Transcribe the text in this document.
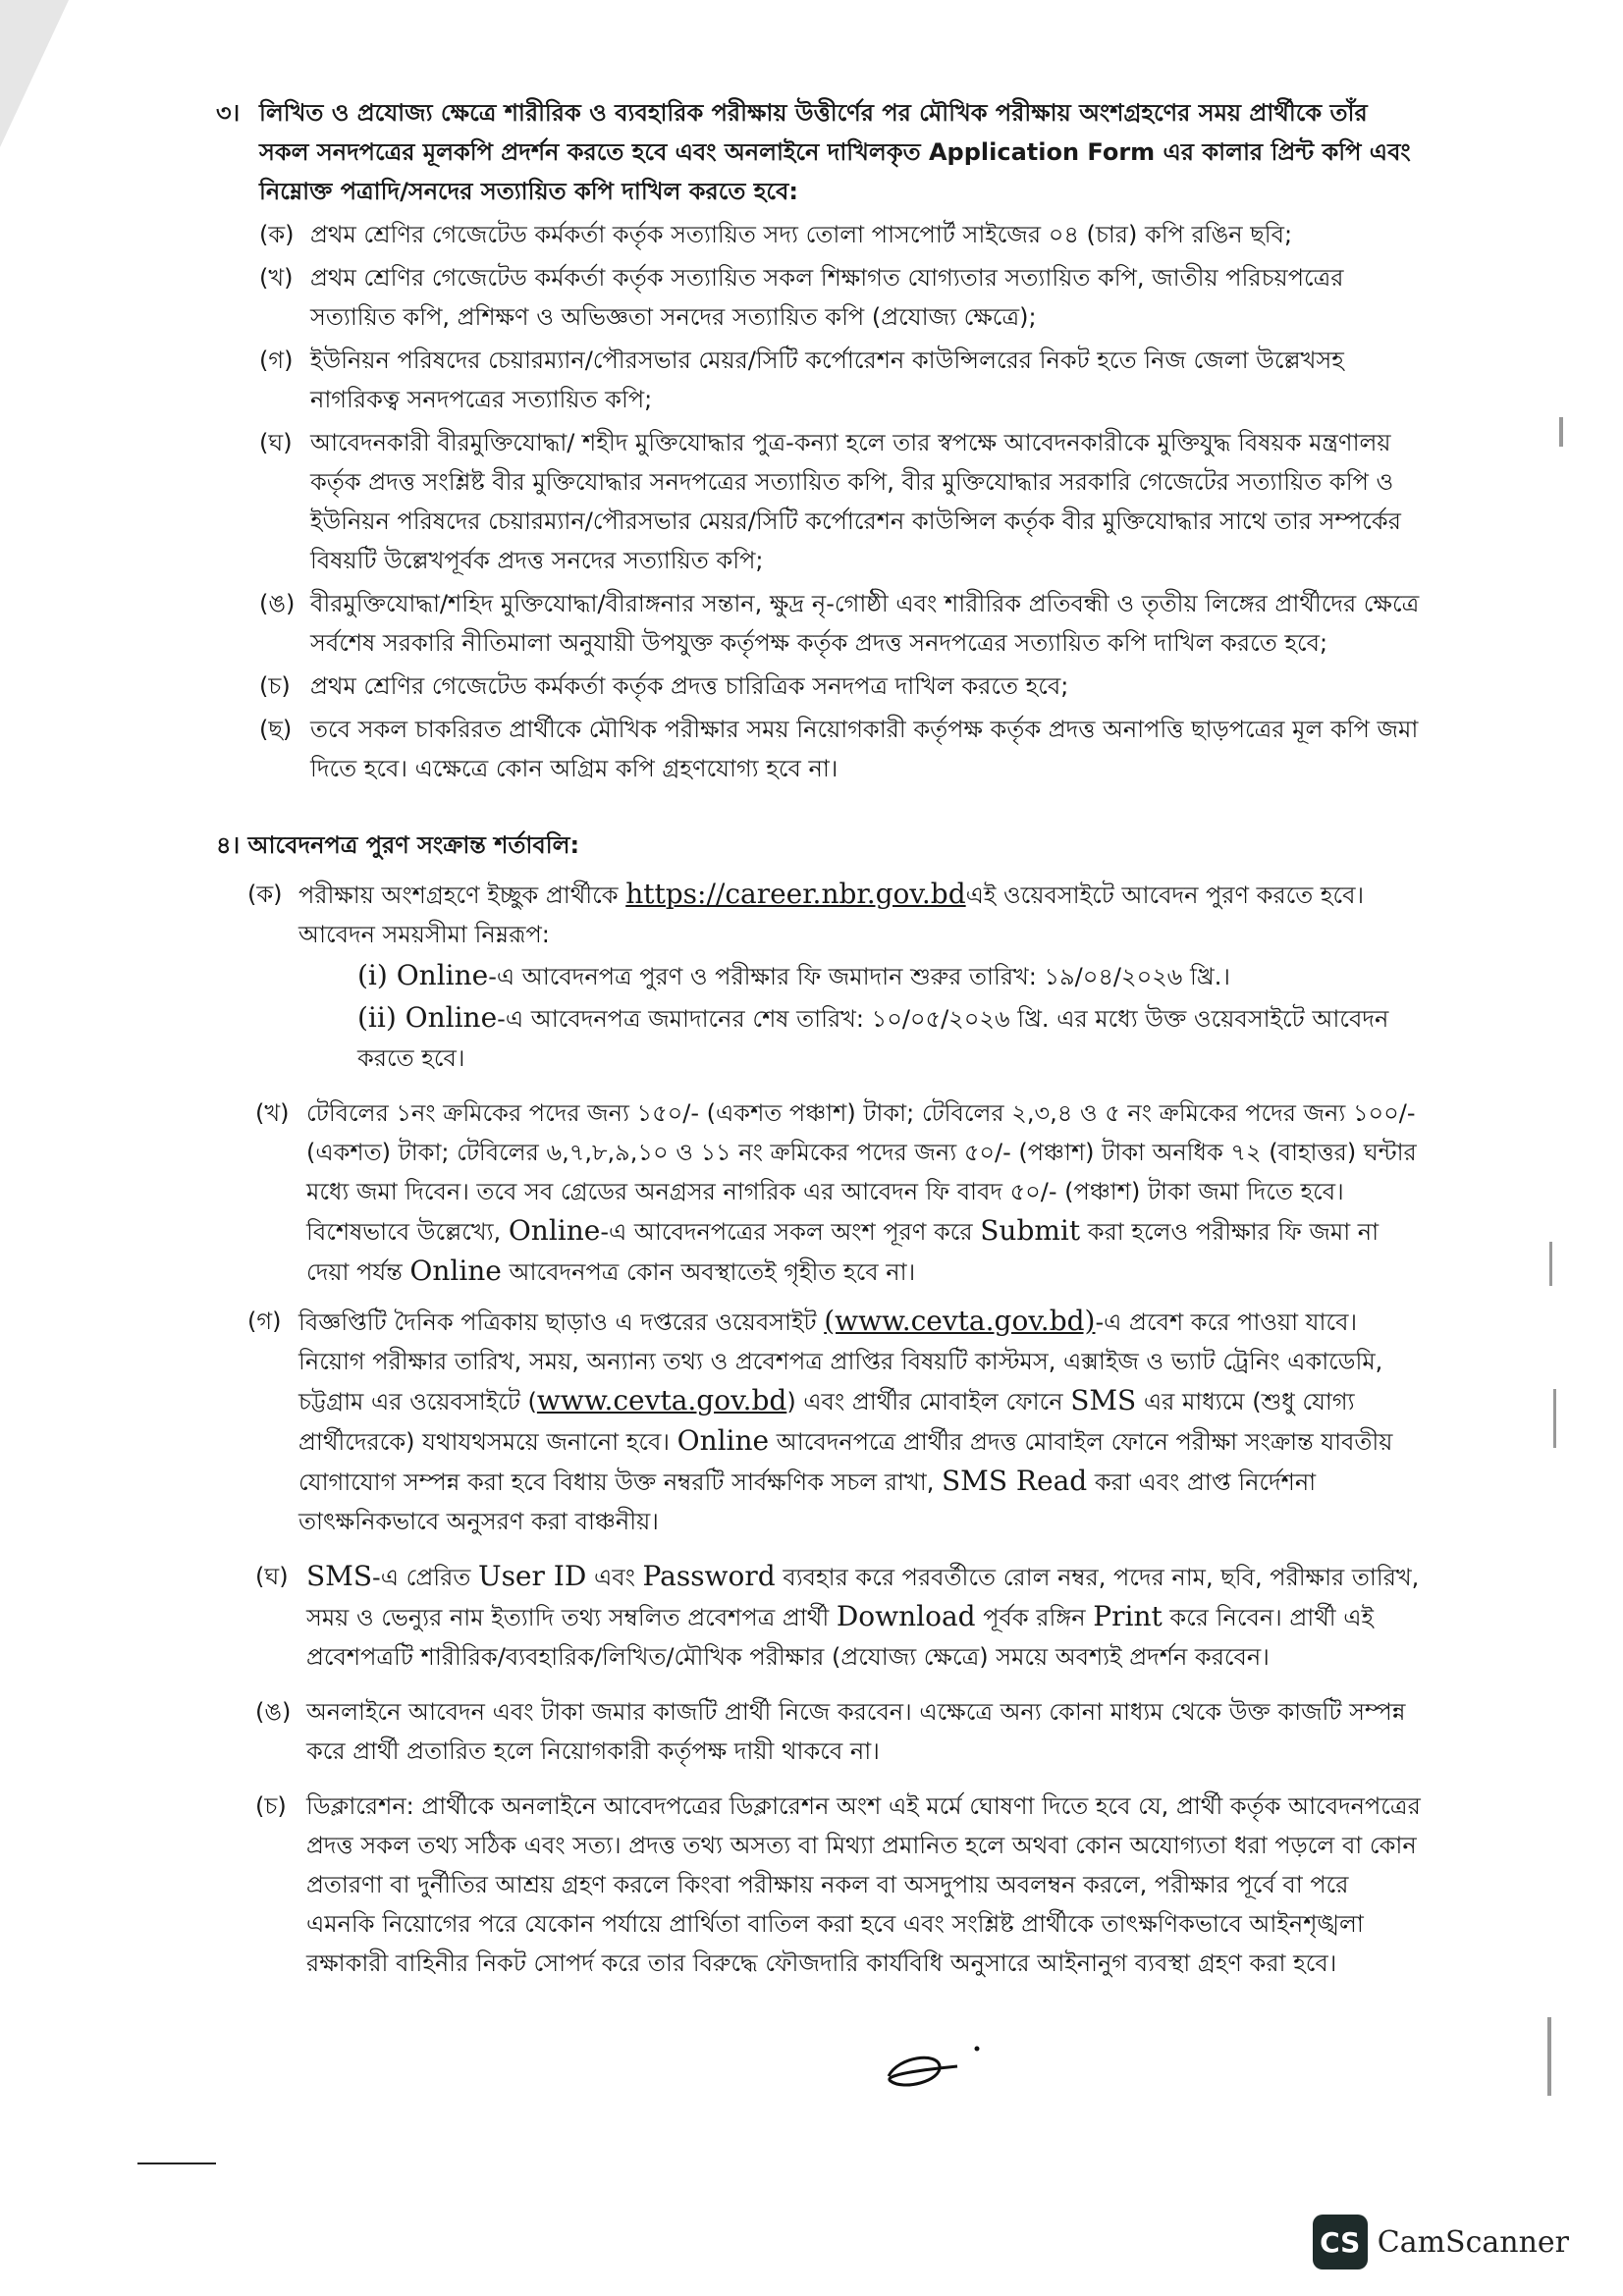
৩। লিখিত ও প্রযোজ্য ক্ষেত্রে শারীরিক ও ব্যবহারিক পরীক্ষায় উত্তীর্ণের পর মৌখিক পরীক্ষায় অংশগ্রহণের সময় প্রার্থীকে তাঁর সকল সনদপত্রের মূলকপি প্রদর্শন করতে হবে এবং অনলাইনে দাখিলকৃত Application Form এর কালার প্রিন্ট কপি এবং নিম্নোক্ত পত্রাদি/সনদের সত্যায়িত কপি দাখিল করতে হবে:

(ক) প্রথম শ্রেণির গেজেটেড কর্মকর্তা কর্তৃক সত্যায়িত সদ্য তোলা পাসপোর্ট সাইজের ০৪ (চার) কপি রঙিন ছবি;

(খ) প্রথম শ্রেণির গেজেটেড কর্মকর্তা কর্তৃক সত্যায়িত সকল শিক্ষাগত যোগ্যতার সত্যায়িত কপি, জাতীয় পরিচয়পত্রের সত্যায়িত কপি, প্রশিক্ষণ ও অভিজ্ঞতা সনদের সত্যায়িত কপি (প্রযোজ্য ক্ষেত্রে);

(গ) ইউনিয়ন পরিষদের চেয়ারম্যান/পৌরসভার মেয়র/সিটি কর্পোরেশন কাউন্সিলরের নিকট হতে নিজ জেলা উল্লেখসহ নাগরিকত্ব সনদপত্রের সত্যায়িত কপি;

(ঘ) আবেদনকারী বীরমুক্তিযোদ্ধা/ শহীদ মুক্তিযোদ্ধার পুত্র-কন্যা হলে তার স্বপক্ষে আবেদনকারীকে মুক্তিযুদ্ধ বিষয়ক মন্ত্রণালয় কর্তৃক প্রদত্ত সংশ্লিষ্ট বীর মুক্তিযোদ্ধার সনদপত্রের সত্যায়িত কপি, বীর মুক্তিযোদ্ধার সরকারি গেজেটের সত্যায়িত কপি ও ইউনিয়ন পরিষদের চেয়ারম্যান/পৌরসভার মেয়র/সিটি কর্পোরেশন কাউন্সিল কর্তৃক বীর মুক্তিযোদ্ধার সাথে তার সম্পর্কের বিষয়টি উল্লেখপূর্বক প্রদত্ত সনদের সত্যায়িত কপি;

(ঙ) বীরমুক্তিযোদ্ধা/শহিদ মুক্তিযোদ্ধা/বীরাঙ্গনার সন্তান, ক্ষুদ্র নৃ-গোষ্ঠী এবং শারীরিক প্রতিবন্ধী ও তৃতীয় লিঙ্গের প্রার্থীদের ক্ষেত্রে সর্বশেষ সরকারি নীতিমালা অনুযায়ী উপযুক্ত কর্তৃপক্ষ কর্তৃক প্রদত্ত সনদপত্রের সত্যায়িত কপি দাখিল করতে হবে;

(চ) প্রথম শ্রেণির গেজেটেড কর্মকর্তা কর্তৃক প্রদত্ত চারিত্রিক সনদপত্র দাখিল করতে হবে;

(ছ) তবে সকল চাকরিরত প্রার্থীকে মৌখিক পরীক্ষার সময় নিয়োগকারী কর্তৃপক্ষ কর্তৃক প্রদত্ত অনাপত্তি ছাড়পত্রের মূল কপি জমা দিতে হবে। এক্ষেত্রে কোন অগ্রিম কপি গ্রহণযোগ্য হবে না।

৪। আবেদনপত্র পুরণ সংক্রান্ত শর্তাবলি:

(ক) পরীক্ষায় অংশগ্রহণে ইচ্ছুক প্রার্থীকে https://career.nbr.gov.bdএই ওয়েবসাইটে আবেদন পুরণ করতে হবে। আবেদন সময়সীমা নিম্নরূপ:

(i) Online-এ আবেদনপত্র পুরণ ও পরীক্ষার ফি জমাদান শুরুর তারিখ: ১৯/০৪/২০২৬ খ্রি.।

(ii) Online-এ আবেদনপত্র জমাদানের শেষ তারিখ: ১০/০৫/২০২৬ খ্রি. এর মধ্যে উক্ত ওয়েবসাইটে আবেদন করতে হবে।

(খ) টেবিলের ১নং ক্রমিকের পদের জন্য ১৫০/- (একশত পঞ্চাশ) টাকা; টেবিলের ২,৩,৪ ও ৫ নং ক্রমিকের পদের জন্য ১০০/- (একশত) টাকা; টেবিলের ৬,৭,৮,৯,১০ ও ১১ নং ক্রমিকের পদের জন্য ৫০/- (পঞ্চাশ) টাকা অনধিক ৭২ (বাহাত্তর) ঘন্টার মধ্যে জমা দিবেন। তবে সব গ্রেডের অনগ্রসর নাগরিক এর আবেদন ফি বাবদ ৫০/- (পঞ্চাশ) টাকা জমা দিতে হবে। বিশেষভাবে উল্লেখ্যে, Online-এ আবেদনপত্রের সকল অংশ পূরণ করে Submit করা হলেও পরীক্ষার ফি জমা না দেয়া পর্যন্ত Online আবেদনপত্র কোন অবস্থাতেই গৃহীত হবে না।

(গ) বিজ্ঞপ্তিটি দৈনিক পত্রিকায় ছাড়াও এ দপ্তরের ওয়েবসাইট (www.cevta.gov.bd)-এ প্রবেশ করে পাওয়া যাবে। নিয়োগ পরীক্ষার তারিখ, সময়, অন্যান্য তথ্য ও প্রবেশপত্র প্রাপ্তির বিষয়টি কাস্টমস, এক্সাইজ ও ভ্যাট ট্রেনিং একাডেমি, চট্টগ্রাম এর ওয়েবসাইটে (www.cevta.gov.bd) এবং প্রার্থীর মোবাইল ফোনে SMS এর মাধ্যমে (শুধু যোগ্য প্রার্থীদেরকে) যথাযথসময়ে জনানো হবে। Online আবেদনপত্রে প্রার্থীর প্রদত্ত মোবাইল ফোনে পরীক্ষা সংক্রান্ত যাবতীয় যোগাযোগ সম্পন্ন করা হবে বিধায় উক্ত নম্বরটি সার্বক্ষণিক সচল রাখা, SMS Read করা এবং প্রাপ্ত নির্দেশনা তাৎক্ষনিকভাবে অনুসরণ করা বাঞ্চনীয়।

(ঘ) SMS-এ প্রেরিত User ID এবং Password ব্যবহার করে পরবর্তীতে রোল নম্বর, পদের নাম, ছবি, পরীক্ষার তারিখ, সময় ও ভেন্যুর নাম ইত্যাদি তথ্য সম্বলিত প্রবেশপত্র প্রার্থী Download পূর্বক রঙ্গিন Print করে নিবেন। প্রার্থী এই প্রবেশপত্রটি শারীরিক/ব্যবহারিক/লিখিত/মৌখিক পরীক্ষার (প্রযোজ্য ক্ষেত্রে) সময়ে অবশ্যই প্রদর্শন করবেন।

(ঙ) অনলাইনে আবেদন এবং টাকা জমার কাজটি প্রার্থী নিজে করবেন। এক্ষেত্রে অন্য কোনা মাধ্যম থেকে উক্ত কাজটি সম্পন্ন করে প্রার্থী প্রতারিত হলে নিয়োগকারী কর্তৃপক্ষ দায়ী থাকবে না।

(চ) ডিক্লারেশন: প্রার্থীকে অনলাইনে আবেদপত্রের ডিক্লারেশন অংশ এই মর্মে ঘোষণা দিতে হবে যে, প্রার্থী কর্তৃক আবেদনপত্রের প্রদত্ত সকল তথ্য সঠিক এবং সত্য। প্রদত্ত তথ্য অসত্য বা মিথ্যা প্রমানিত হলে অথবা কোন অযোগ্যতা ধরা পড়লে বা কোন প্রতারণা বা দুর্নীতির আশ্রয় গ্রহণ করলে কিংবা পরীক্ষায় নকল বা অসদুপায় অবলম্বন করলে, পরীক্ষার পূর্বে বা পরে এমনকি নিয়োগের পরে যেকোন পর্যায়ে প্রার্থিতা বাতিল করা হবে এবং সংশ্লিষ্ট প্রার্থীকে তাৎক্ষণিকভাবে আইনশৃঙ্খলা রক্ষাকারী বাহিনীর নিকট সোপর্দ করে তার বিরুদ্ধে ফৌজদারি কার্যবিধি অনুসারে আইনানুগ ব্যবস্থা গ্রহণ করা হবে।

CS CamScanner
